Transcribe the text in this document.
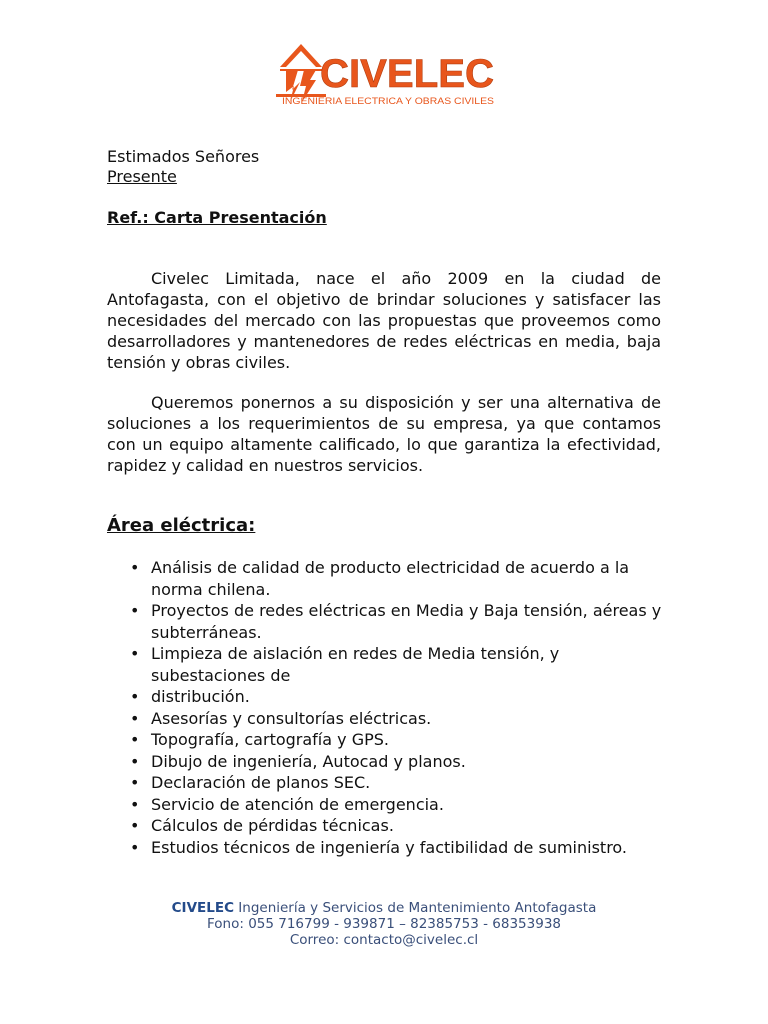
CIVELEC
INGENIERIA ELECTRICA Y OBRAS CIVILES
Estimados Señores
Presente
Ref.: Carta Presentación

Civelec Limitada, nace el año 2009 en la ciudad de Antofagasta, con el objetivo de brindar soluciones y satisfacer las necesidades del mercado con las propuestas que proveemos como desarrolladores y mantenedores de redes eléctricas en media, baja tensión y obras civiles.

Queremos ponernos a su disposición y ser una alternativa de soluciones a los requerimientos de su empresa, ya que contamos con un equipo altamente calificado, lo que garantiza la efectividad, rapidez y calidad en nuestros servicios.

Área eléctrica:
• Análisis de calidad de producto electricidad de acuerdo a la norma chilena.
• Proyectos de redes eléctricas en Media y Baja tensión, aéreas y subterráneas.
• Limpieza de aislación en redes de Media tensión, y subestaciones de
• distribución.
• Asesorías y consultorías eléctricas.
• Topografía, cartografía y GPS.
• Dibujo de ingeniería, Autocad y planos.
• Declaración de planos SEC.
• Servicio de atención de emergencia.
• Cálculos de pérdidas técnicas.
• Estudios técnicos de ingeniería y factibilidad de suministro.
CIVELEC Ingeniería y Servicios de Mantenimiento Antofagasta
Fono: 055 716799 - 939871 – 82385753 - 68353938
Correo: contacto@civelec.cl
